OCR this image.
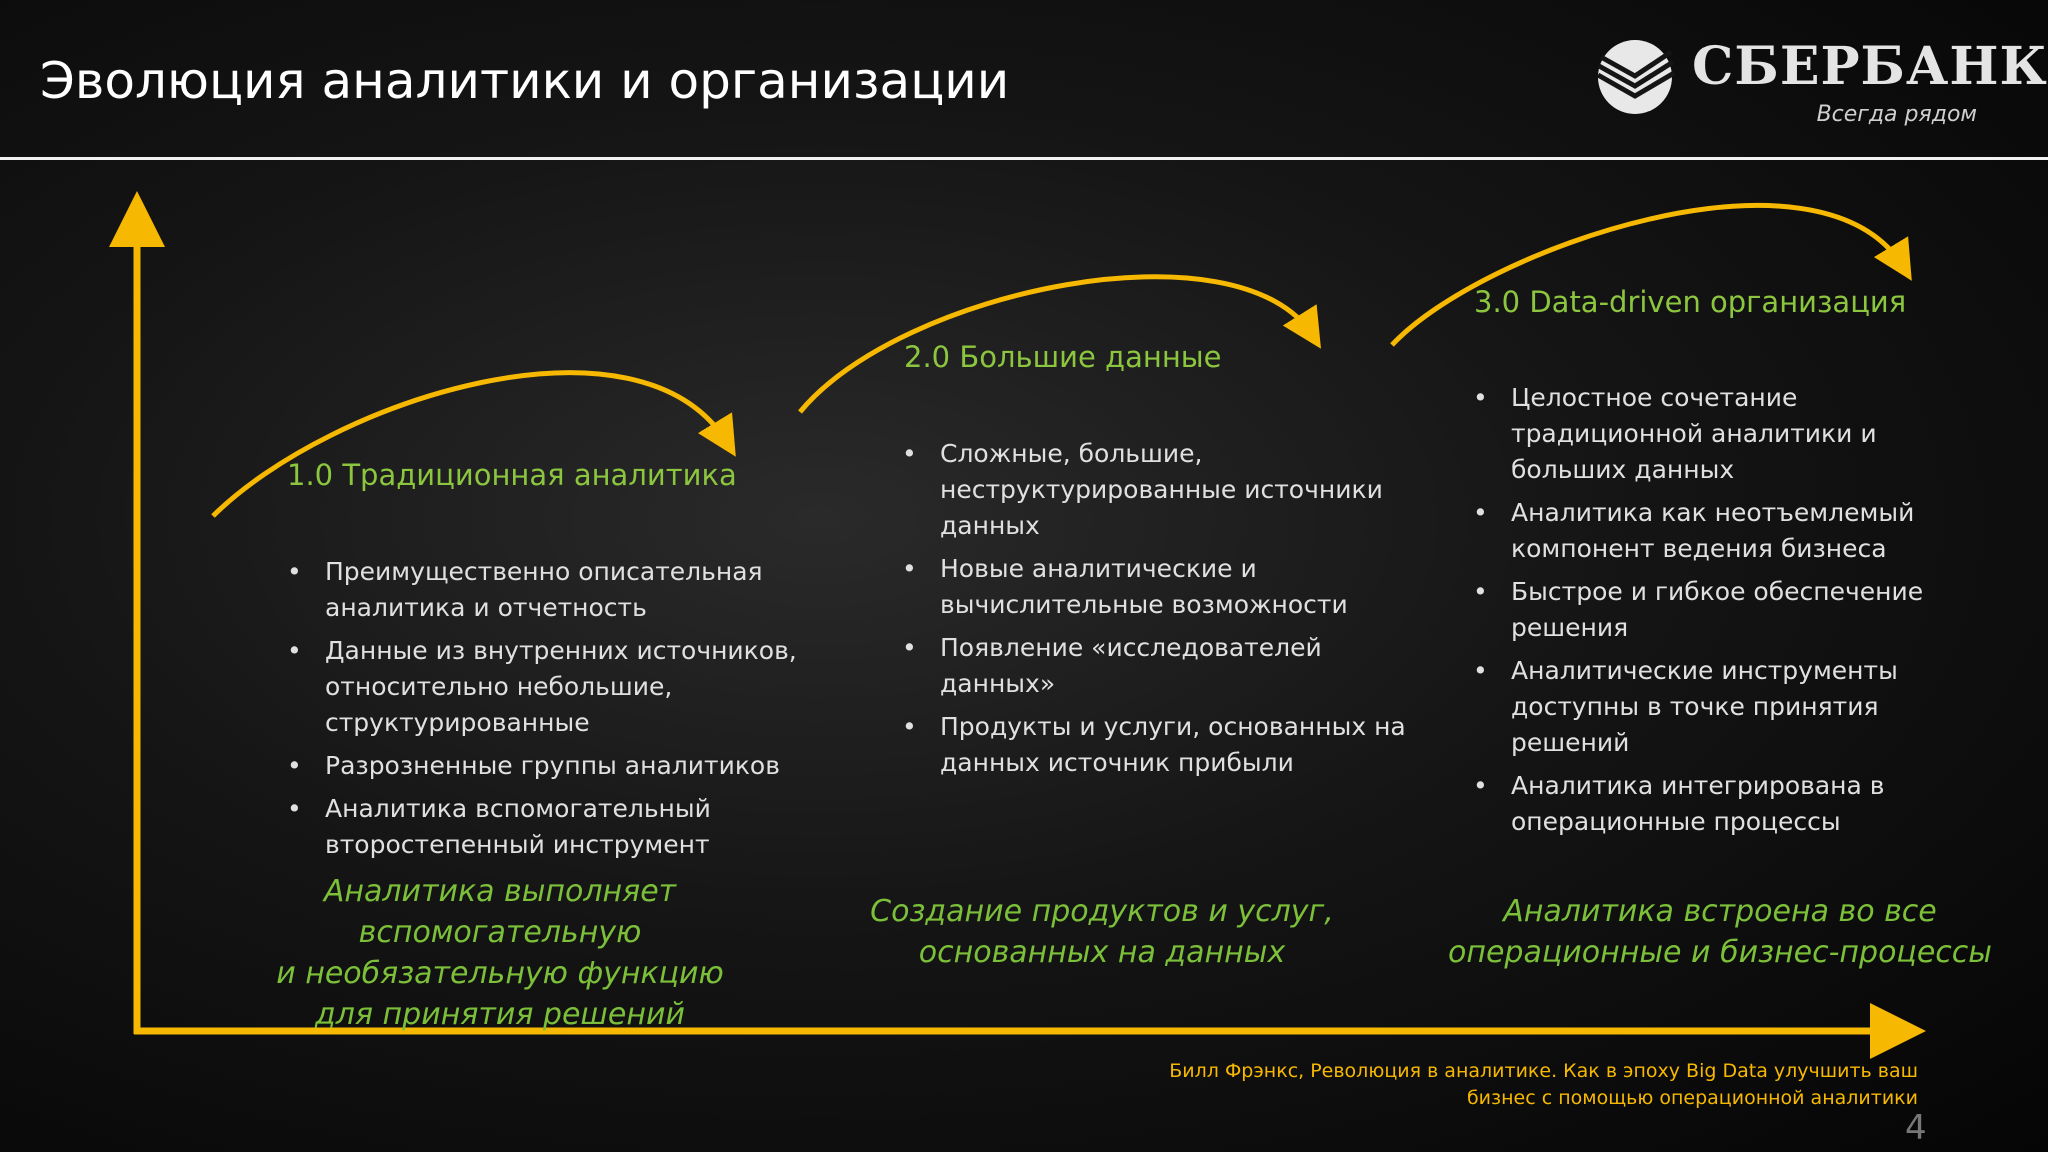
Эволюция аналитики и организации	СБЕРБАНК
Всегда рядом
1.0 Традиционная аналитика
• Преимущественно описательная аналитика и отчетность
• Данные из внутренних источников, относительно небольшие, структурированные
• Разрозненные группы аналитиков
• Аналитика вспомогательный второстепенный инструмент
Аналитика выполняет вспомогательную
и необязательную функцию
для принятия решений
2.0 Большие данные
• Сложные, большие, неструктурированные источники данных
• Новые аналитические и вычислительные возможности
• Появление «исследователей данных»
• Продукты и услуги, основанных на данных источник прибыли
Создание продуктов и услуг,
основанных на данных
3.0 Data-driven организация
• Целостное сочетание традиционной аналитики и больших данных
• Аналитика как неотъемлемый компонент ведения бизнеса
• Быстрое и гибкое обеспечение решения
• Аналитические инструменты доступны в точке принятия решений
• Аналитика интегрирована в операционные процессы
Аналитика встроена во все
операционные и бизнес-процессы
Билл Фрэнкс, Революция в аналитике. Как в эпоху Big Data улучшить ваш
бизнес с помощью операционной аналитики
4
